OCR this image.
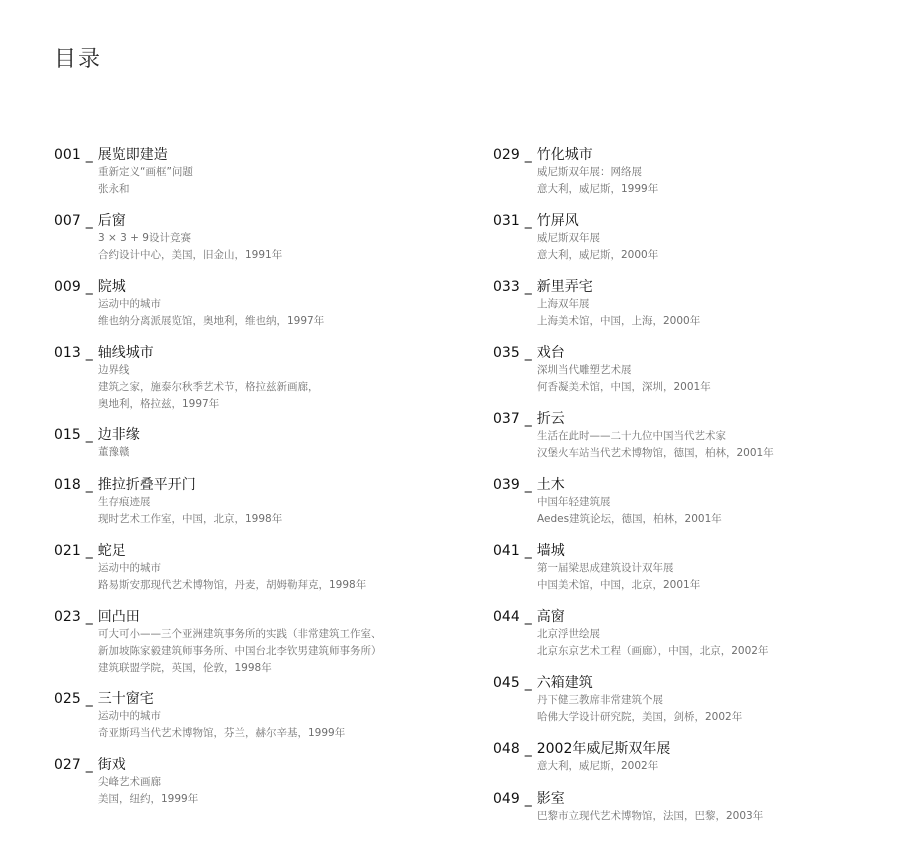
目录
001 _ 展览即建造
重新定义“画框”问题
张永和
007 _ 后窗
3 × 3 + 9设计竞赛
合约设计中心，美国，旧金山，1991年
009 _ 院城
运动中的城市
维也纳分离派展览馆，奥地利，维也纳，1997年
013 _ 轴线城市
边界线
建筑之家，施泰尔秋季艺术节，格拉兹新画廊，
奥地利，格拉兹，1997年
015 _ 边非缘
董豫赣
018 _ 推拉折叠平开门
生存痕迹展
现时艺术工作室，中国，北京，1998年
021 _ 蛇足
运动中的城市
路易斯安那现代艺术博物馆，丹麦，胡姆勒拜克，1998年
023 _ 回凸田
可大可小——三个亚洲建筑事务所的实践（非常建筑工作室、
新加坡陈家毅建筑师事务所、中国台北李钦男建筑师事务所）
建筑联盟学院，英国，伦敦，1998年
025 _ 三十窗宅
运动中的城市
奇亚斯玛当代艺术博物馆，芬兰，赫尔辛基，1999年
027 _ 街戏
尖峰艺术画廊
美国，纽约，1999年
029 _ 竹化城市
威尼斯双年展：网络展
意大利，威尼斯，1999年
031 _ 竹屏风
威尼斯双年展
意大利，威尼斯，2000年
033 _ 新里弄宅
上海双年展
上海美术馆，中国，上海，2000年
035 _ 戏台
深圳当代雕塑艺术展
何香凝美术馆，中国，深圳，2001年
037 _ 折云
生活在此时——二十九位中国当代艺术家
汉堡火车站当代艺术博物馆，德国，柏林，2001年
039 _ 土木
中国年轻建筑展
Aedes建筑论坛，德国，柏林，2001年
041 _ 墙城
第一届梁思成建筑设计双年展
中国美术馆，中国，北京，2001年
044 _ 高窗
北京浮世绘展
北京东京艺术工程（画廊），中国，北京，2002年
045 _ 六箱建筑
丹下健三教席非常建筑个展
哈佛大学设计研究院，美国，剑桥，2002年
048 _ 2002年威尼斯双年展
意大利，威尼斯，2002年
049 _ 影室
巴黎市立现代艺术博物馆，法国，巴黎，2003年
